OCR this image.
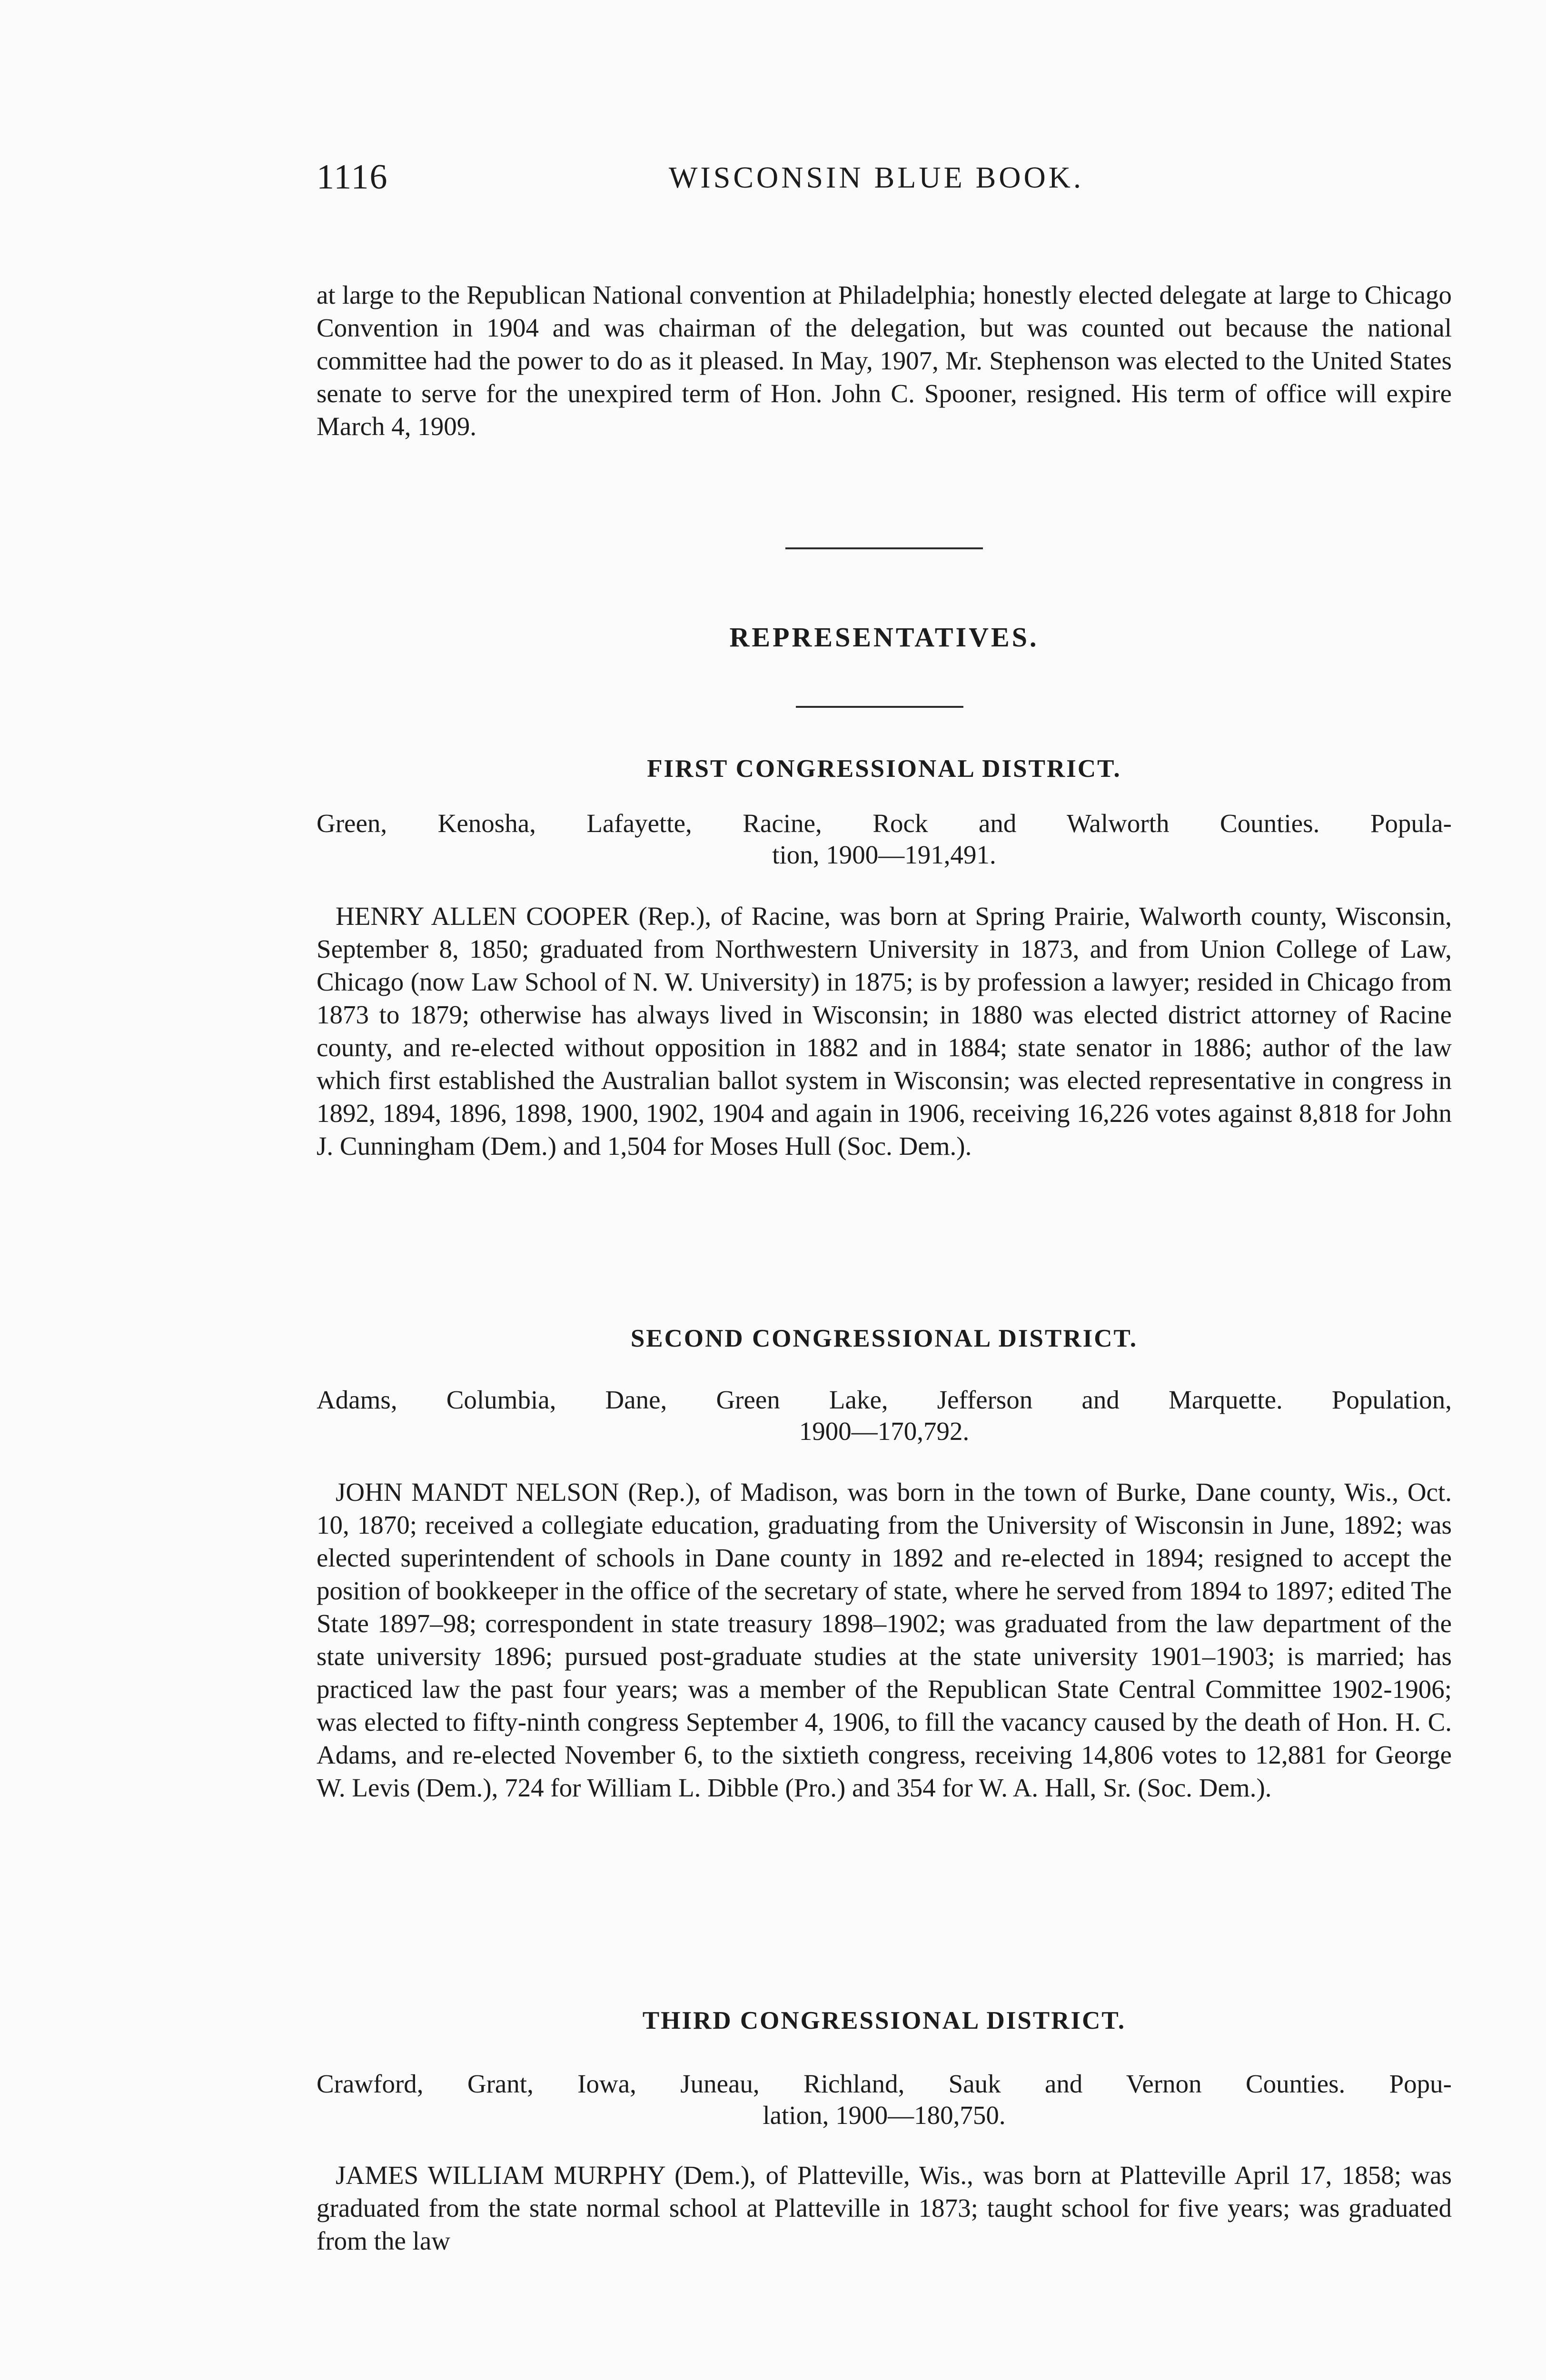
1116	WISCONSIN BLUE BOOK.

at large to the Republican National convention at Philadelphia; honestly elected delegate at large to Chicago Convention in 1904 and was chairman of the delegation, but was counted out because the national committee had the power to do as it pleased. In May, 1907, Mr. Stephenson was elected to the United States senate to serve for the unexpired term of Hon. John C. Spooner, resigned. His term of office will expire March 4, 1909.

REPRESENTATIVES.
FIRST CONGRESSIONAL DISTRICT.

Green, Kenosha, Lafayette, Racine, Rock and Walworth Counties. Popula-
tion, 1900—191,491.

HENRY ALLEN COOPER (Rep.), of Racine, was born at Spring Prairie, Walworth county, Wisconsin, September 8, 1850; graduated from Northwestern University in 1873, and from Union College of Law, Chicago (now Law School of N. W. University) in 1875; is by profession a lawyer; resided in Chicago from 1873 to 1879; otherwise has always lived in Wisconsin; in 1880 was elected district attorney of Racine county, and re-elected without opposition in 1882 and in 1884; state senator in 1886; author of the law which first established the Australian ballot system in Wisconsin; was elected representative in congress in 1892, 1894, 1896, 1898, 1900, 1902, 1904 and again in 1906, receiving 16,226 votes against 8,818 for John J. Cunningham (Dem.) and 1,504 for Moses Hull (Soc. Dem.).

SECOND CONGRESSIONAL DISTRICT.

Adams, Columbia, Dane, Green Lake, Jefferson and Marquette. Population,
1900—170,792.

JOHN MANDT NELSON (Rep.), of Madison, was born in the town of Burke, Dane county, Wis., Oct. 10, 1870; received a collegiate education, graduating from the University of Wisconsin in June, 1892; was elected superintendent of schools in Dane county in 1892 and re-elected in 1894; resigned to accept the position of bookkeeper in the office of the secretary of state, where he served from 1894 to 1897; edited The State 1897–98; correspondent in state treasury 1898–1902; was graduated from the law department of the state university 1896; pursued post-graduate studies at the state university 1901–1903; is married; has practiced law the past four years; was a member of the Republican State Central Committee 1902-1906; was elected to fifty-ninth congress September 4, 1906, to fill the vacancy caused by the death of Hon. H. C. Adams, and re-elected November 6, to the sixtieth congress, receiving 14,806 votes to 12,881 for George W. Levis (Dem.), 724 for William L. Dibble (Pro.) and 354 for W. A. Hall, Sr. (Soc. Dem.).

THIRD CONGRESSIONAL DISTRICT.

Crawford, Grant, Iowa, Juneau, Richland, Sauk and Vernon Counties. Popu-
lation, 1900—180,750.

JAMES WILLIAM MURPHY (Dem.), of Platteville, Wis., was born at Platteville April 17, 1858; was graduated from the state normal school at Platteville in 1873; taught school for five years; was graduated from the law
